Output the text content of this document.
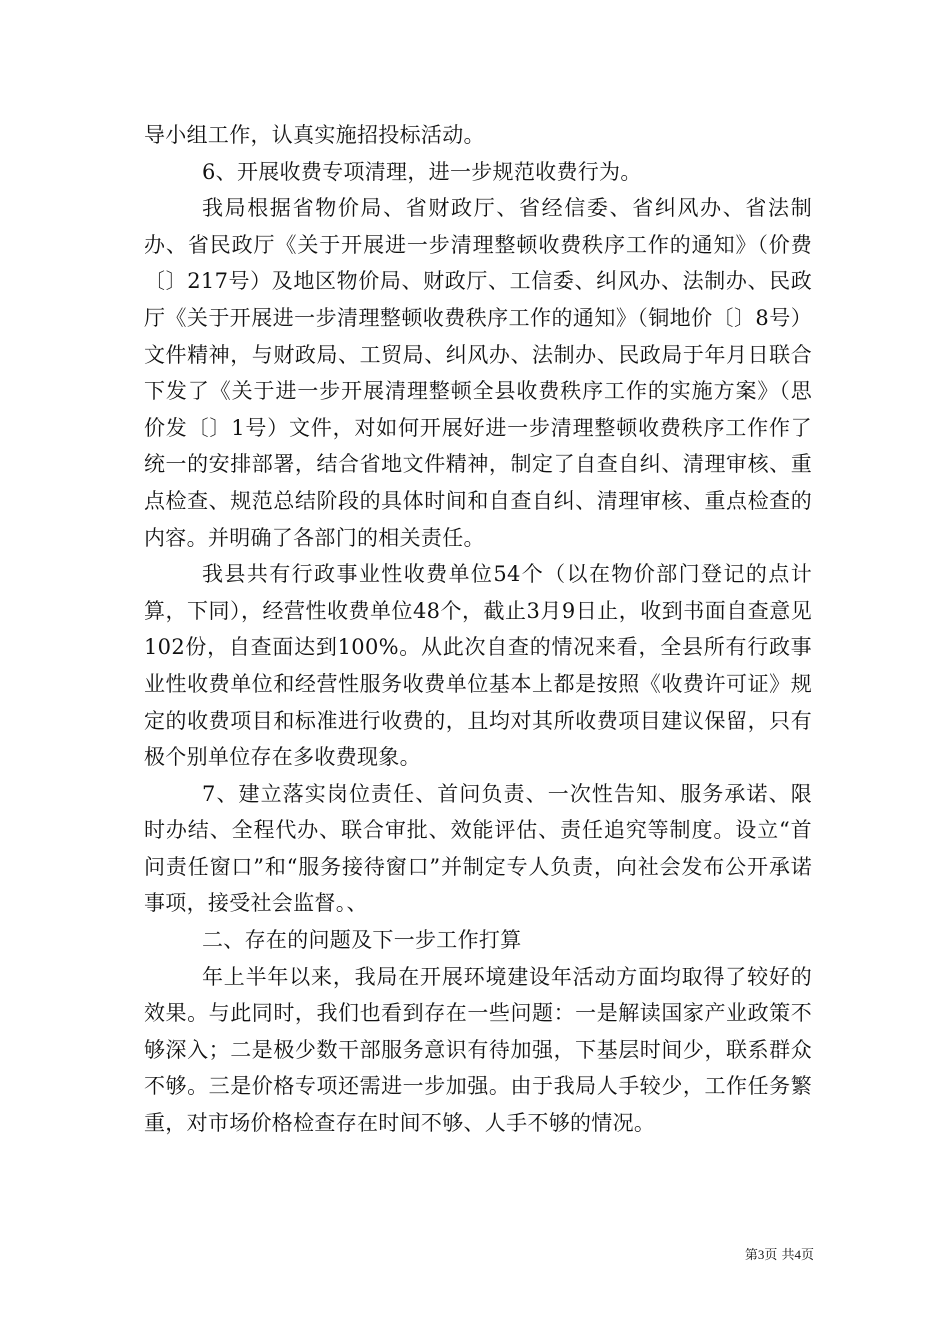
导小组工作，认真实施招投标活动。

6、开展收费专项清理，进一步规范收费行为。

我局根据省物价局、省财政厅、省经信委、省纠风办、省法制办、省民政厅《关于开展进一步清理整顿收费秩序工作的通知》（价费〔〕217号）及地区物价局、财政厅、工信委、纠风办、法制办、民政厅《关于开展进一步清理整顿收费秩序工作的通知》（铜地价〔〕8号）文件精神，与财政局、工贸局、纠风办、法制办、民政局于年月日联合下发了《关于进一步开展清理整顿全县收费秩序工作的实施方案》（思价发〔〕1号）文件，对如何开展好进一步清理整顿收费秩序工作作了统一的安排部署，结合省地文件精神，制定了自查自纠、清理审核、重点检查、规范总结阶段的具体时间和自查自纠、清理审核、重点检查的内容。并明确了各部门的相关责任。

我县共有行政事业性收费单位54个（以在物价部门登记的点计算，下同），经营性收费单位48个，截止3月9日止，收到书面自查意见102份，自查面达到100%。从此次自查的情况来看，全县所有行政事业性收费单位和经营性服务收费单位基本上都是按照《收费许可证》规定的收费项目和标准进行收费的，且均对其所收费项目建议保留，只有极个别单位存在多收费现象。

7、建立落实岗位责任、首问负责、一次性告知、服务承诺、限时办结、全程代办、联合审批、效能评估、责任追究等制度。设立“首问责任窗口”和“服务接待窗口”并制定专人负责，向社会发布公开承诺事项，接受社会监督。、

二、存在的问题及下一步工作打算

年上半年以来，我局在开展环境建设年活动方面均取得了较好的效果。与此同时，我们也看到存在一些问题：一是解读国家产业政策不够深入；二是极少数干部服务意识有待加强，下基层时间少，联系群众不够。三是价格专项还需进一步加强。由于我局人手较少，工作任务繁重，对市场价格检查存在时间不够、人手不够的情况。

第3页 共4页
